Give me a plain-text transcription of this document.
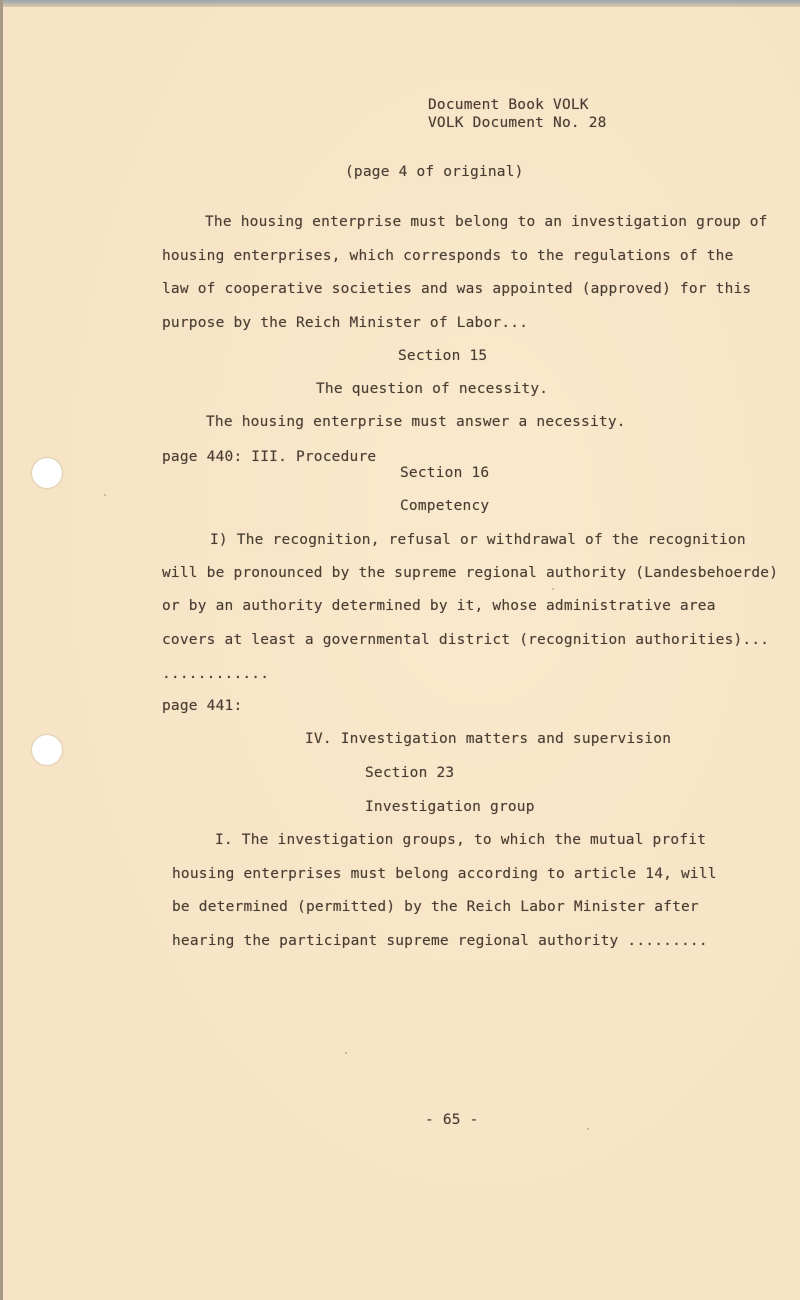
Document Book VOLK
VOLK Document No. 28
(page 4 of original)
The housing enterprise must belong to an investigation group of
housing enterprises, which corresponds to the regulations of the
law of cooperative societies and was appointed (approved) for this
purpose by the Reich Minister of Labor...
Section 15
The question of necessity.
The housing enterprise must answer a necessity.
page 440: III. Procedure
Section 16
Competency
I) The recognition, refusal or withdrawal of the recognition
will be pronounced by the supreme regional authority (Landesbehoerde)
or by an authority determined by it, whose administrative area
covers at least a governmental district (recognition authorities)...
............
page 441:
IV. Investigation matters and supervision
Section 23
Investigation group
I. The investigation groups, to which the mutual profit
housing enterprises must belong according to article 14, will
be determined (permitted) by the Reich Labor Minister after
hearing the participant supreme regional authority .........
- 65 -
